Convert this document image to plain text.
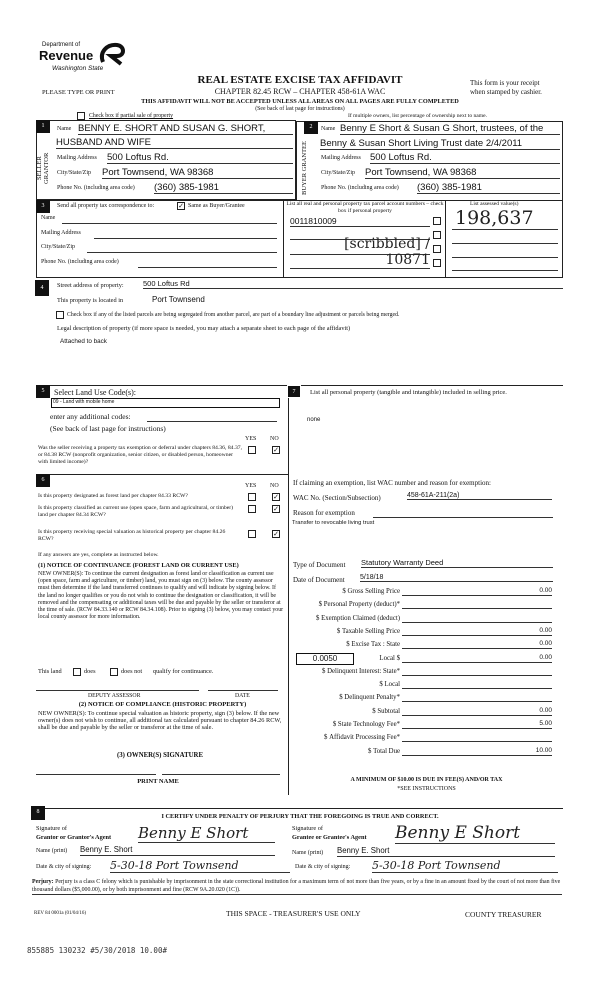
Department of
Revenue
Washington State
REAL ESTATE EXCISE TAX AFFIDAVIT
CHAPTER 82.45 RCW – CHAPTER 458-61A WAC
PLEASE TYPE OR PRINT
This form is your receipt
when stamped by cashier.
THIS AFFIDAVIT WILL NOT BE ACCEPTED UNLESS ALL AREAS ON ALL PAGES ARE FULLY COMPLETED
(See back of last page for instructions)
Check box if partial sale of property	If multiple owners, list percentage of ownership next to name.
1
SELLER GRANTOR
Name BENNY E. SHORT AND SUSAN G. SHORT,
HUSBAND AND WIFE
Mailing Address 500 Loftus Rd.
City/State/Zip Port Townsend, WA 98368
Phone No. (including area code) (360) 385-1981
2
BUYER GRANTEE
Name Benny E Short & Susan G Short, trustees, of the
Benny & Susan Short Living Trust date 2/4/2011
Mailing Address 500 Loftus Rd.
City/State/Zip Port Townsend, WA 98368
Phone No. (including area code) (360) 385-1981
3	Send all property tax correspondence to:	✓ Same as Buyer/Grantee
Name
Mailing Address
City/State/Zip
Phone No. (including area code)
List all real and personal property tax parcel account numbers – check box if personal property
0011810009
[scribbled] / 10871
List assessed value(s)
198,637
4	Street address of property:	500 Loftus Rd
This property is located in	Port Townsend
Check box if any of the listed parcels are being segregated from another parcel, are part of a boundary line adjustment or parcels being merged.
Legal description of property (if more space is needed, you may attach a separate sheet to each page of the affidavit)
Attached to back
5	Select Land Use Code(s):
09 - Land with mobile home
enter any additional codes:
(See back of last page for instructions)
YES NO
Was the seller receiving a property tax exemption or deferral under chapters 84.36, 84.37, or 84.38 RCW (nonprofit organization, senior citizen, or disabled person, homeowner with limited income)?
✓
7	List all personal property (tangible and intangible) included in selling price.
none
6
YES NO
Is this property designated as forest land per chapter 84.33 RCW?	✓
Is this property classified as current use (open space, farm and agricultural, or timber) land per chapter 84.34 RCW?
✓
Is this property receiving special valuation as historical property per chapter 84.26 RCW?
✓
If any answers are yes, complete as instructed below.
(1) NOTICE OF CONTINUANCE (FOREST LAND OR CURRENT USE)
NEW OWNER(S): To continue the current designation as forest land or classification as current use (open space, farm and agriculture, or timber) land, you must sign on (3) below. The county assessor must then determine if the land transferred continues to qualify and will indicate by signing below. If the land no longer qualifies or you do not wish to continue the designation or classification, it will be removed and the compensating or additional taxes will be due and payable by the seller or transferor at the time of sale. (RCW 84.33.140 or RCW 84.34.108). Prior to signing (3) below, you may contact your local county assessor for more information.
This land	does	does not qualify for continuance.
DEPUTY ASSESSOR	DATE
(2) NOTICE OF COMPLIANCE (HISTORIC PROPERTY)
NEW OWNER(S): To continue special valuation as historic property, sign (3) below. If the new owner(s) does not wish to continue, all additional tax calculated pursuant to chapter 84.26 RCW, shall be due and payable by the seller or transferor at the time of sale.
(3) OWNER(S) SIGNATURE
PRINT NAME
If claiming an exemption, list WAC number and reason for exemption:
WAC No. (Section/Subsection)	458-61A-211(2a)
Reason for exemption
Transfer to revocable living trust
Type of Document Statutory Warranty Deed
Date of Document 5/18/18
Gross Selling Price $	0.00
*Personal Property (deduct) $
Exemption Claimed (deduct) $
Taxable Selling Price $	0.00
Excise Tax : State $	0.00
Local $	0.00
*Delinquent Interest: State $
Local $
*Delinquent Penalty $
Subtotal $	0.00
*State Technology Fee $	5.00
*Affidavit Processing Fee $
Total Due $	10.00
0.0050
A MINIMUM OF $10.00 IS DUE IN FEE(S) AND/OR TAX
*SEE INSTRUCTIONS
8
I CERTIFY UNDER PENALTY OF PERJURY THAT THE FOREGOING IS TRUE AND CORRECT.
Signature of
Grantor or Grantor's Agent Benny E Short
Name (print) Benny E. Short
Date & city of signing: 5-30-18 Port Townsend
Signature of
Grantee or Grantee's Agent Benny E Short
Name (print) Benny E. Short
Date & city of signing: 5-30-18 Port Townsend
Perjury: Perjury is a class C felony which is punishable by imprisonment in the state correctional institution for a maximum term of not more than five years, or by a fine in an amount fixed by the court of not more than five thousand dollars ($5,000.00), or by both imprisonment and fine (RCW 9A.20.020 (1C)).
REV 84 0001a (01/04/16)	THIS SPACE - TREASURER'S USE ONLY	COUNTY TREASURER
855885 130232 #5/30/2018 10.00#
